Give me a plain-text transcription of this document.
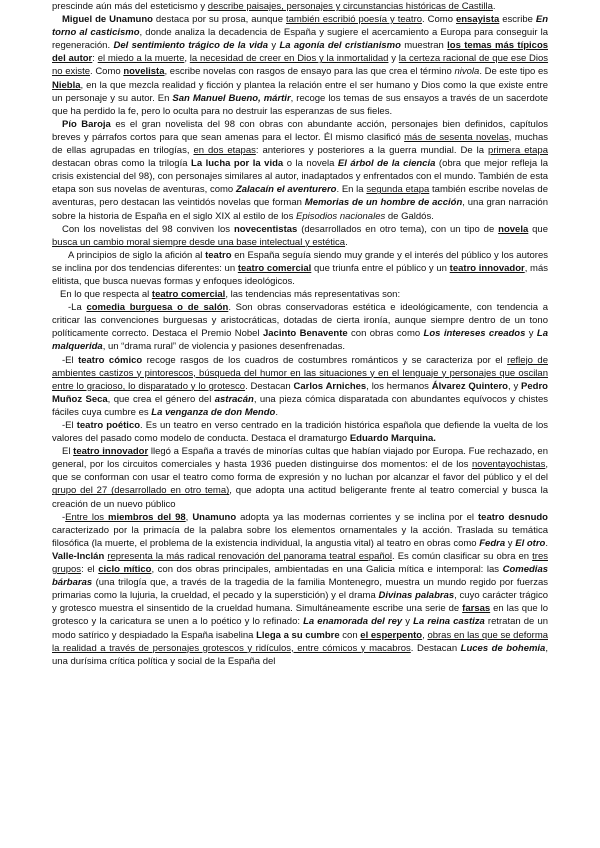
prescinde aún más del esteticismo y describe paisajes, personajes y circunstancias históricas de Castilla.

Miguel de Unamuno destaca por su prosa, aunque también escribió poesía y teatro. Como ensayista escribe En torno al casticismo, donde analiza la decadencia de España y sugiere el acercamiento a Europa para conseguir la regeneración. Del sentimiento trágico de la vida y La agonía del cristianismo muestran los temas más típicos del autor: el miedo a la muerte, la necesidad de creer en Dios y la inmortalidad y la certeza racional de que ese Dios no existe. Como novelista, escribe novelas con rasgos de ensayo para las que crea el término nivola. De este tipo es Niebla, en la que mezcla realidad y ficción y plantea la relación entre el ser humano y Dios como la que existe entre un personaje y su autor. En San Manuel Bueno, mártir, recoge los temas de sus ensayos a través de un sacerdote que ha perdido la fe, pero lo oculta para no destruir las esperanzas de sus fieles.

Pío Baroja es el gran novelista del 98 con obras con abundante acción, personajes bien definidos, capítulos breves y párrafos cortos para que sean amenas para el lector. Él mismo clasificó más de sesenta novelas, muchas de ellas agrupadas en trilogías, en dos etapas: anteriores y posteriores a la guerra mundial. De la primera etapa destacan obras como la trilogía La lucha por la vida o la novela El árbol de la ciencia (obra que mejor refleja la crisis existencial del 98), con personajes similares al autor, inadaptados y enfrentados con el mundo. También de esta etapa son sus novelas de aventuras, como Zalacaín el aventurero. En la segunda etapa también escribe novelas de aventuras, pero destacan las veintidós novelas que forman Memorias de un hombre de acción, una gran narración sobre la historia de España en el siglo XIX al estilo de los Episodios nacionales de Galdós.

Con los novelistas del 98 conviven los novecentistas (desarrollados en otro tema), con un tipo de novela que busca un cambio moral siempre desde una base intelectual y estética.

A principios de siglo la afición al teatro en España seguía siendo muy grande y el interés del público y los autores se inclina por dos tendencias diferentes: un teatro comercial que triunfa entre el público y un teatro innovador, más elitista, que busca nuevas formas y enfoques ideológicos.

En lo que respecta al teatro comercial, las tendencias más representativas son:

-La comedia burguesa o de salón. Son obras conservadoras estética e ideológicamente, con tendencia a criticar las convenciones burguesas y aristocráticas, dotadas de cierta ironía, aunque siempre dentro de un tono políticamente correcto. Destaca el Premio Nobel Jacinto Benavente con obras como Los intereses creados y La malquerida, un “drama rural” de violencia y pasiones desenfrenadas.

-El teatro cómico recoge rasgos de los cuadros de costumbres románticos y se caracteriza por el reflejo de ambientes castizos y pintorescos, búsqueda del humor en las situaciones y en el lenguaje y personajes que oscilan entre lo gracioso, lo disparatado y lo grotesco. Destacan Carlos Arniches, los hermanos Álvarez Quintero, y Pedro Muñoz Seca, que crea el género del astracán, una pieza cómica disparatada con abundantes equívocos y chistes fáciles cuya cumbre es La venganza de don Mendo.

-El teatro poético. Es un teatro en verso centrado en la tradición histórica española que defiende la vuelta de los valores del pasado como modelo de conducta. Destaca el dramaturgo Eduardo Marquina.

El teatro innovador llegó a España a través de minorías cultas que habían viajado por Europa. Fue rechazado, en general, por los circuitos comerciales y hasta 1936 pueden distinguirse dos momentos: el de los noventayochistas, que se conforman con usar el teatro como forma de expresión y no luchan por alcanzar el favor del público y el del grupo del 27 (desarrollado en otro tema), que adopta una actitud beligerante frente al teatro comercial y busca la creación de un nuevo público

-Entre los miembros del 98, Unamuno adopta ya las modernas corrientes y se inclina por el teatro desnudo caracterizado por la primacía de la palabra sobre los elementos ornamentales y la acción. Traslada su temática filosófica (la muerte, el problema de la existencia individual, la angustia vital) al teatro en obras como Fedra y El otro. Valle-Inclán representa la más radical renovación del panorama teatral español. Es común clasificar su obra en tres grupos: el ciclo mítico, con dos obras principales, ambientadas en una Galicia mítica e intemporal: las Comedias bárbaras (una trilogía que, a través de la tragedia de la familia Montenegro, muestra un mundo regido por fuerzas primarias como la lujuria, la crueldad, el pecado y la superstición) y el drama Divinas palabras, cuyo carácter trágico y grotesco muestra el sinsentido de la crueldad humana. Simultáneamente escribe una serie de farsas en las que lo grotesco y la caricatura se unen a lo poético y lo refinado: La enamorada del rey y La reina castiza retratan de un modo satírico y despiadado la España isabelina Llega a su cumbre con el esperpento, obras en las que se deforma la realidad a través de personajes grotescos y ridículos, entre cómicos y macabros. Destacan Luces de bohemia, una durísima crítica política y social de la España del
